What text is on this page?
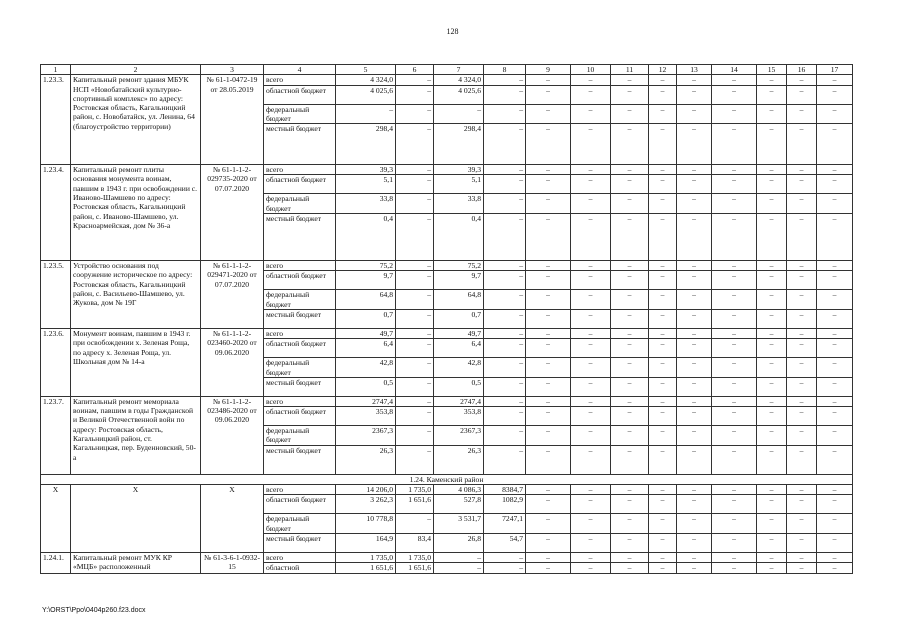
128
1	2	3	4	5	6	7	8	9	10	11	12	13	14	15	16	17
1.23.3.	Капитальный ремонт здания МБУК НСП «Новобатайский культурно-спортивный комплекс» по адресу: Ростовская область, Кагальницкий район, с. Новобатайск, ул. Ленина, 64 (благоустройство территории)	№ 61-1-0472-19 от 28.05.2019	всего	4 324,0	–	4 324,0	–	–	–	–	–	–	–	–	–	–
			областной бюджет	4 025,6	–	4 025,6	–	–	–	–	–	–	–	–	–	–
			федеральный бюджет	–	–	–	–	–	–	–	–	–	–	–	–	–
			местный бюджет	298,4	–	298,4	–	–	–	–	–	–	–	–	–	–
1.23.4.	Капитальный ремонт плиты основания монумента воинам, павшим в 1943 г. при освобождении с. Иваново-Шамшево по адресу: Ростовская область, Кагальницкий район, с. Иваново-Шамшево, ул. Красноармейская, дом № 36-а	№ 61-1-1-2-029735-2020 от 07.07.2020	всего	39,3	–	39,3	–	–	–	–	–	–	–	–	–	–
			областной бюджет	5,1	–	5,1	–	–	–	–	–	–	–	–	–	–
			федеральный бюджет	33,8	–	33,8	–	–	–	–	–	–	–	–	–	–
			местный бюджет	0,4	–	0,4	–	–	–	–	–	–	–	–	–	–
1.23.5.	Устройство основания под сооружение историческое по адресу: Ростовская область, Кагальницкий район, с. Васильево-Шамшево, ул. Жукова, дом № 19Г	№ 61-1-1-2-029471-2020 от 07.07.2020	всего	75,2	–	75,2	–	–	–	–	–	–	–	–	–	–
			областной бюджет	9,7	–	9,7	–	–	–	–	–	–	–	–	–	–
			федеральный бюджет	64,8	–	64,8	–	–	–	–	–	–	–	–	–	–
			местный бюджет	0,7	–	0,7	–	–	–	–	–	–	–	–	–	–
1.23.6.	Монумент воинам, павшим в 1943 г. при освобождении х. Зеленая Роща, по адресу х. Зеленая Роща, ул. Школьная дом № 14-а	№ 61-1-1-2-023460-2020 от 09.06.2020	всего	49,7	–	49,7	–	–	–	–	–	–	–	–	–	–
			областной бюджет	6,4	–	6,4	–	–	–	–	–	–	–	–	–	–
			федеральный бюджет	42,8	–	42,8	–	–	–	–	–	–	–	–	–	–
			местный бюджет	0,5	–	0,5	–	–	–	–	–	–	–	–	–	–
1.23.7.	Капитальный ремонт мемориала воинам, павшим в годы Гражданской и Великой Отечественной войн по адресу: Ростовская область, Кагальницкий район, ст. Кагальницкая, пер. Буденновский, 50-а	№ 61-1-1-2-023486-2020 от 09.06.2020	всего	2747,4	–	2747,4	–	–	–	–	–	–	–	–	–	–
			областной бюджет	353,8	–	353,8	–	–	–	–	–	–	–	–	–	–
			федеральный бюджет	2367,3	–	2367,3	–	–	–	–	–	–	–	–	–	–
			местный бюджет	26,3	–	26,3	–	–	–	–	–	–	–	–	–	–
1.24. Каменский район																
X	X	X	всего	14 206,0	1 735,0	4 086,3	8384,7	–	–	–	–	–	–	–	–	–
			областной бюджет	3 262,3	1 651,6	527,8	1082,9	–	–	–	–	–	–	–	–	–
			федеральный бюджет	10 778,8	–	3 531,7	7247,1	–	–	–	–	–	–	–	–	–
			местный бюджет	164,9	83,4	26,8	54,7	–	–	–	–	–	–	–	–	–
1.24.1.	Капитальный ремонт МУК КР «МЦБ» расположенный	№ 61-3-6-1-0932-15	всего	1 735,0	1 735,0	–	–	–	–	–	–	–	–	–	–	–
			областной	1 651,6	1 651,6	–	–	–	–	–	–	–	–	–	–	–
Y:\ORST\Ppo\0404p260.f23.docx
